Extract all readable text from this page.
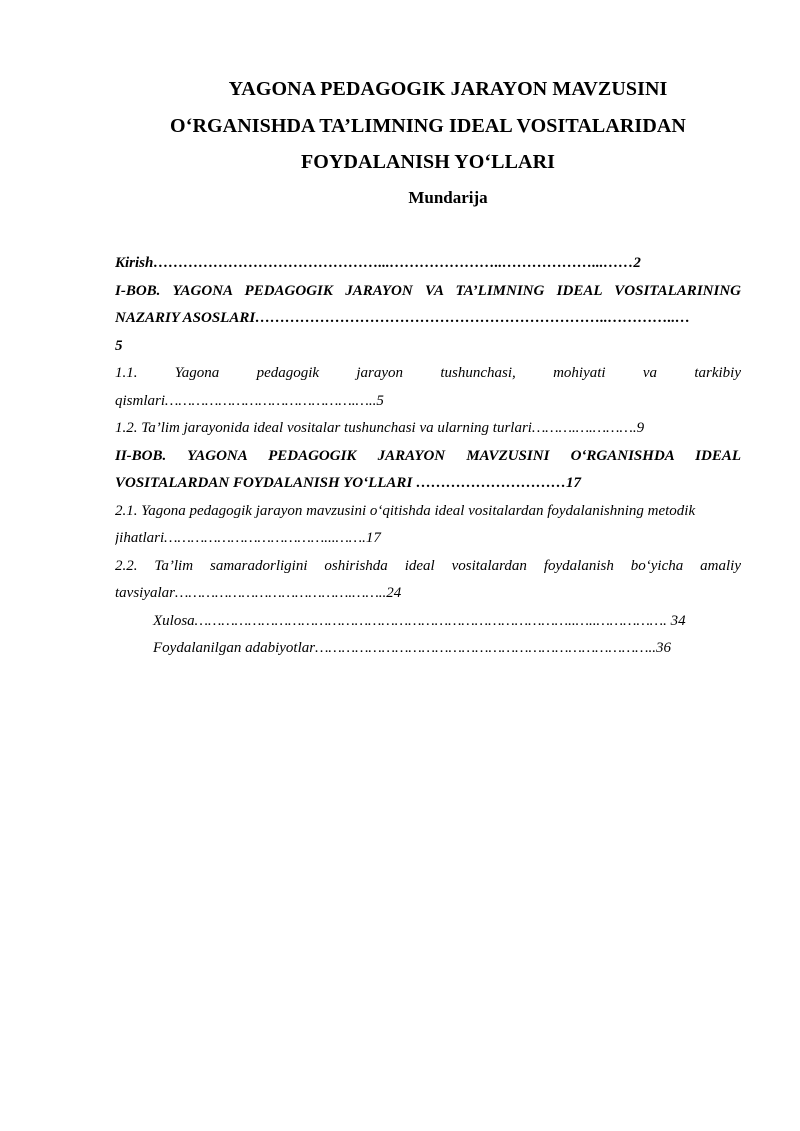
YAGONA PEDAGOGIK JARAYON MAVZUSINI
O‘RGANISHDA TA’LIMNING IDEAL VOSITALARIDAN
FOYDALANISH YO‘LLARI
Mundarija
Kirish………………………………………...…………………..………………...……2
I-BOB. YAGONA PEDAGOGIK JARAYON VA TA’LIMNING IDEAL VOSITALARINING
NAZARIY ASOSLARI……………………………………………………………..…………..…
5
1.1. Yagona pedagogik jarayon tushunchasi, mohiyati va tarkibiy
qismlari…………………………………….…..5
1.2. Ta’lim jarayonida ideal vositalar tushunchasi va ularning turlari……….….……….9
II-BOB. YAGONA PEDAGOGIK JARAYON MAVZUSINI O‘RGANISHDA IDEAL
VOSITALARDAN FOYDALANISH YO‘LLARI …………………………17
2.1. Yagona pedagogik jarayon mavzusini o‘qitishda ideal vositalardan foydalanishning metodik
jihatlari………………………………...…….17
2.2. Ta’lim samaradorligini oshirishda ideal vositalardan foydalanish bo‘yicha amaliy
tavsiyalar………………………………….……..24
Xulosa…………………………………………………………………………..…..……………. 34
Foydalanilgan adabiyotlar…………………………………………………………………..36
